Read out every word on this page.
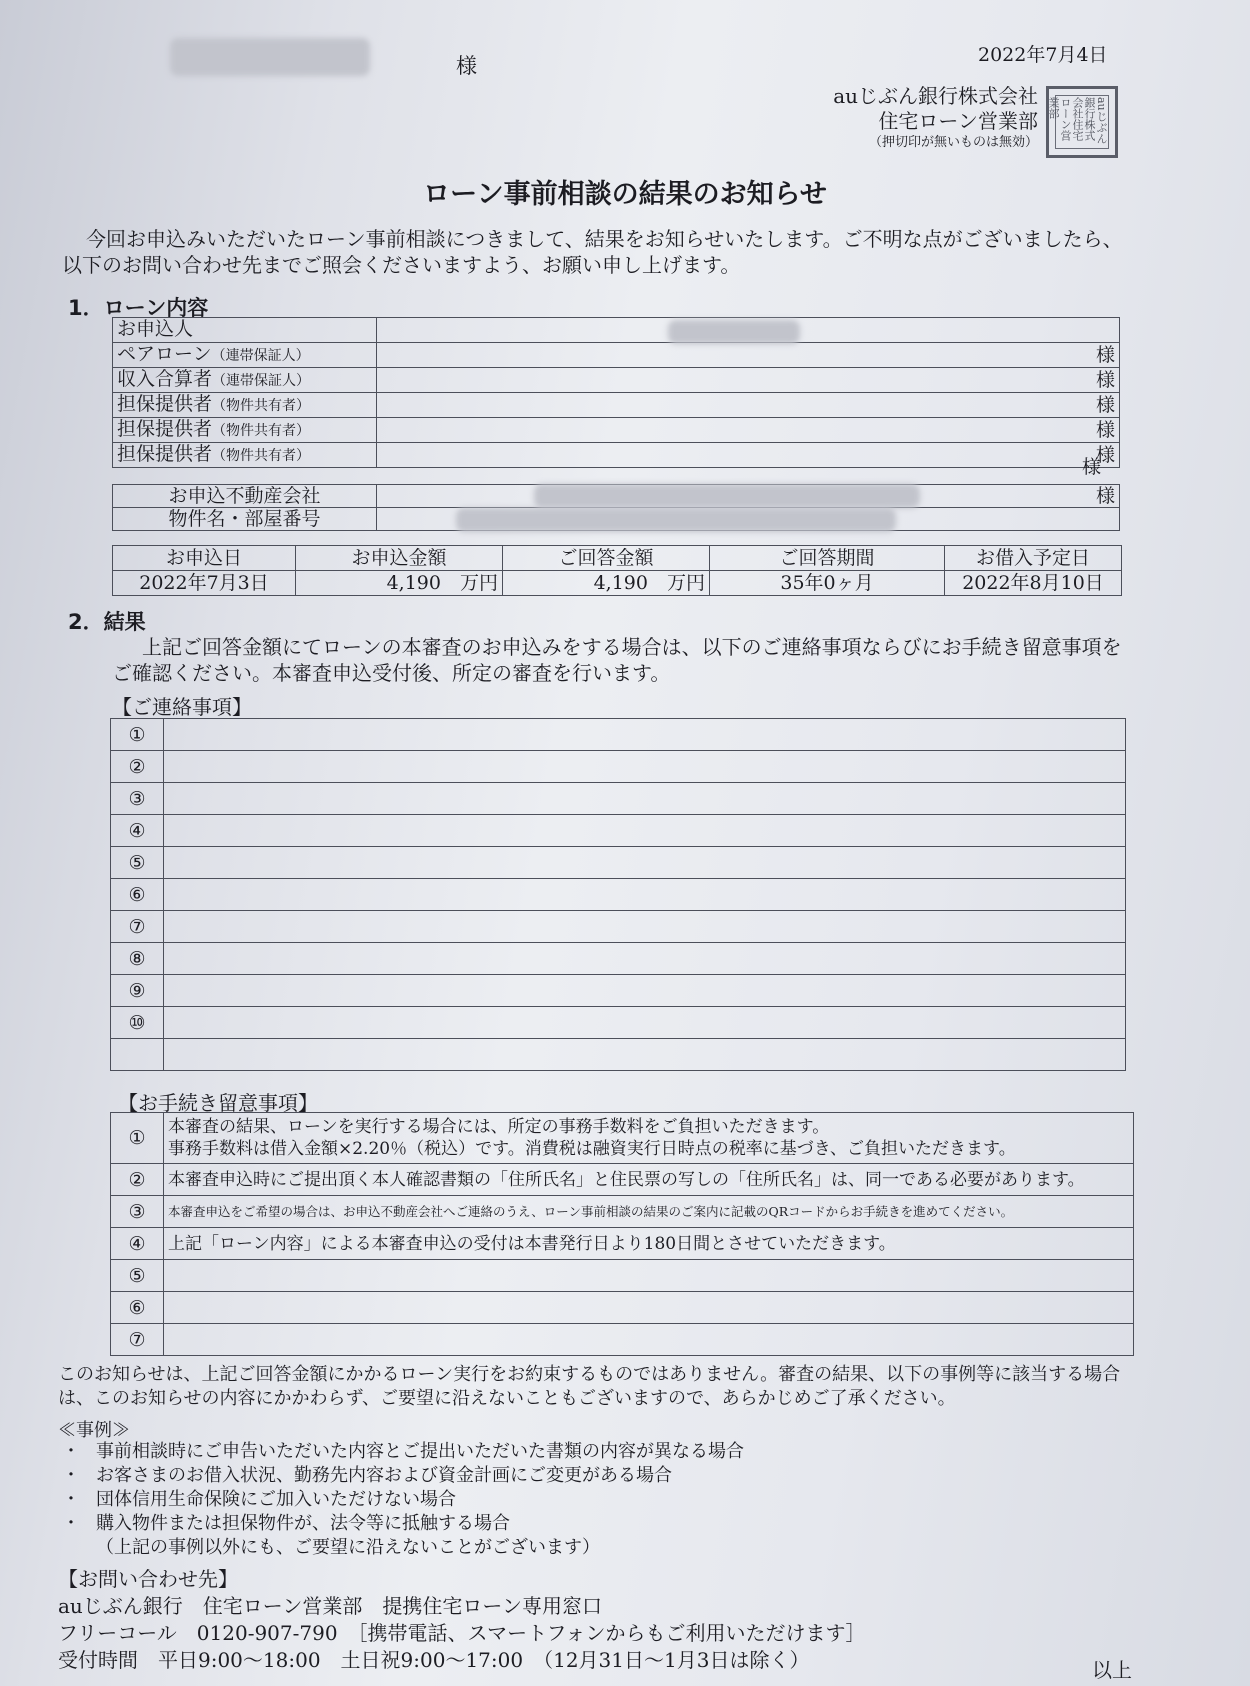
様	2022年7月4日
auじぶん銀行株式会社
住宅ローン営業部
（押切印が無いものは無効）	auじぶん銀行株式会社住宅ローン営業部
ローン事前相談の結果のお知らせ
今回お申込みいただいたローン事前相談につきまして、結果をお知らせいたします。ご不明な点がございましたら、以下のお問い合わせ先までご照会くださいますよう、お願い申し上げます。
1．ローン内容
お申込人	
ペアローン（連帯保証人）	様
収入合算者（連帯保証人）	様
担保提供者（物件共有者）	様
担保提供者（物件共有者）	様
担保提供者（物件共有者）	様
様
お申込不動産会社	様
物件名・部屋番号	
お申込日	お申込金額	ご回答金額	ご回答期間	お借入予定日
2022年7月3日	4,190　 万円	4,190　 万円	35年0ヶ月	2022年8月10日
2．結果
上記ご回答金額にてローンの本審査のお申込みをする場合は、以下のご連絡事項ならびにお手続き留意事項をご確認ください。本審査申込受付後、所定の審査を行います。
【ご連絡事項】
①	
②	
③	
④	
⑤	
⑥	
⑦	
⑧	
⑨	
⑩	

【お手続き留意事項】
①	本審査の結果、ローンを実行する場合には、所定の事務手数料をご負担いただきます。
事務手数料は借入金額×2.20％（税込）です。消費税は融資実行日時点の税率に基づき、ご負担いただきます。

②	本審査申込時にご提出頂く本人確認書類の「住所氏名」と住民票の写しの「住所氏名」は、同一である必要があります。
③	本審査申込をご希望の場合は、お申込不動産会社へご連絡のうえ、ローン事前相談の結果のご案内に記載のQRコードからお手続きを進めてください。
④	上記「ローン内容」による本審査申込の受付は本書発行日より180日間とさせていただきます。
⑤	
⑥	
⑦	
このお知らせは、上記ご回答金額にかかるローン実行をお約束するものではありません。審査の結果、以下の事例等に該当する場合は、このお知らせの内容にかかわらず、ご要望に沿えないこともございますので、あらかじめご了承ください。
≪事例≫
・ 事前相談時にご申告いただいた内容とご提出いただいた書類の内容が異なる場合
・ お客さまのお借入状況、勤務先内容および資金計画にご変更がある場合
・ 団体信用生命保険にご加入いただけない場合
・ 購入物件または担保物件が、法令等に抵触する場合
（上記の事例以外にも、ご要望に沿えないことがございます）
【お問い合わせ先】
auじぶん銀行　住宅ローン営業部　提携住宅ローン専用窓口
フリーコール　0120-907-790　［携帯電話、スマートフォンからもご利用いただけます］
受付時間　平日9:00～18:00　土日祝9:00～17:00　（12月31日～1月3日は除く）	以上
